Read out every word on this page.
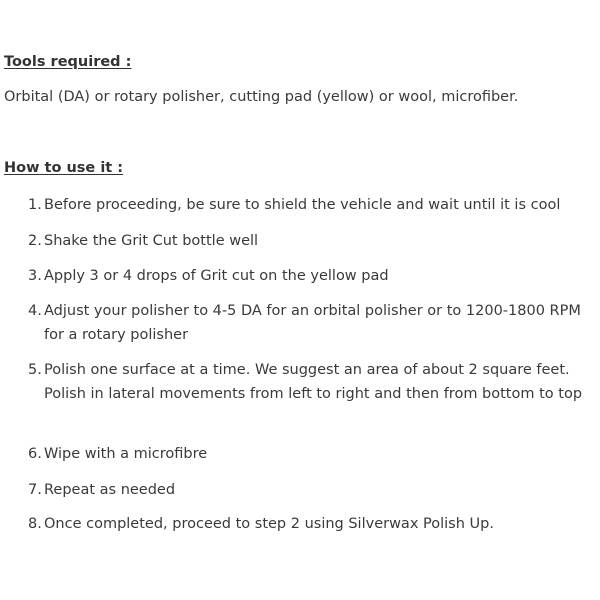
Tools required :
Orbital (DA) or rotary polisher, cutting pad (yellow) or wool, microfiber.
How to use it :
1. Before proceeding, be sure to shield the vehicle and wait until it is cool
2. Shake the Grit Cut bottle well
3. Apply 3 or 4 drops of Grit cut on the yellow pad
4. Adjust your polisher to 4-5 DA for an orbital polisher or to 1200-1800 RPM for a rotary polisher
5. Polish one surface at a time. We suggest an area of about 2 square feet. Polish in lateral movements from left to right and then from bottom to top
6. Wipe with a microfibre
7. Repeat as needed
8. Once completed, proceed to step 2 using Silverwax Polish Up.
